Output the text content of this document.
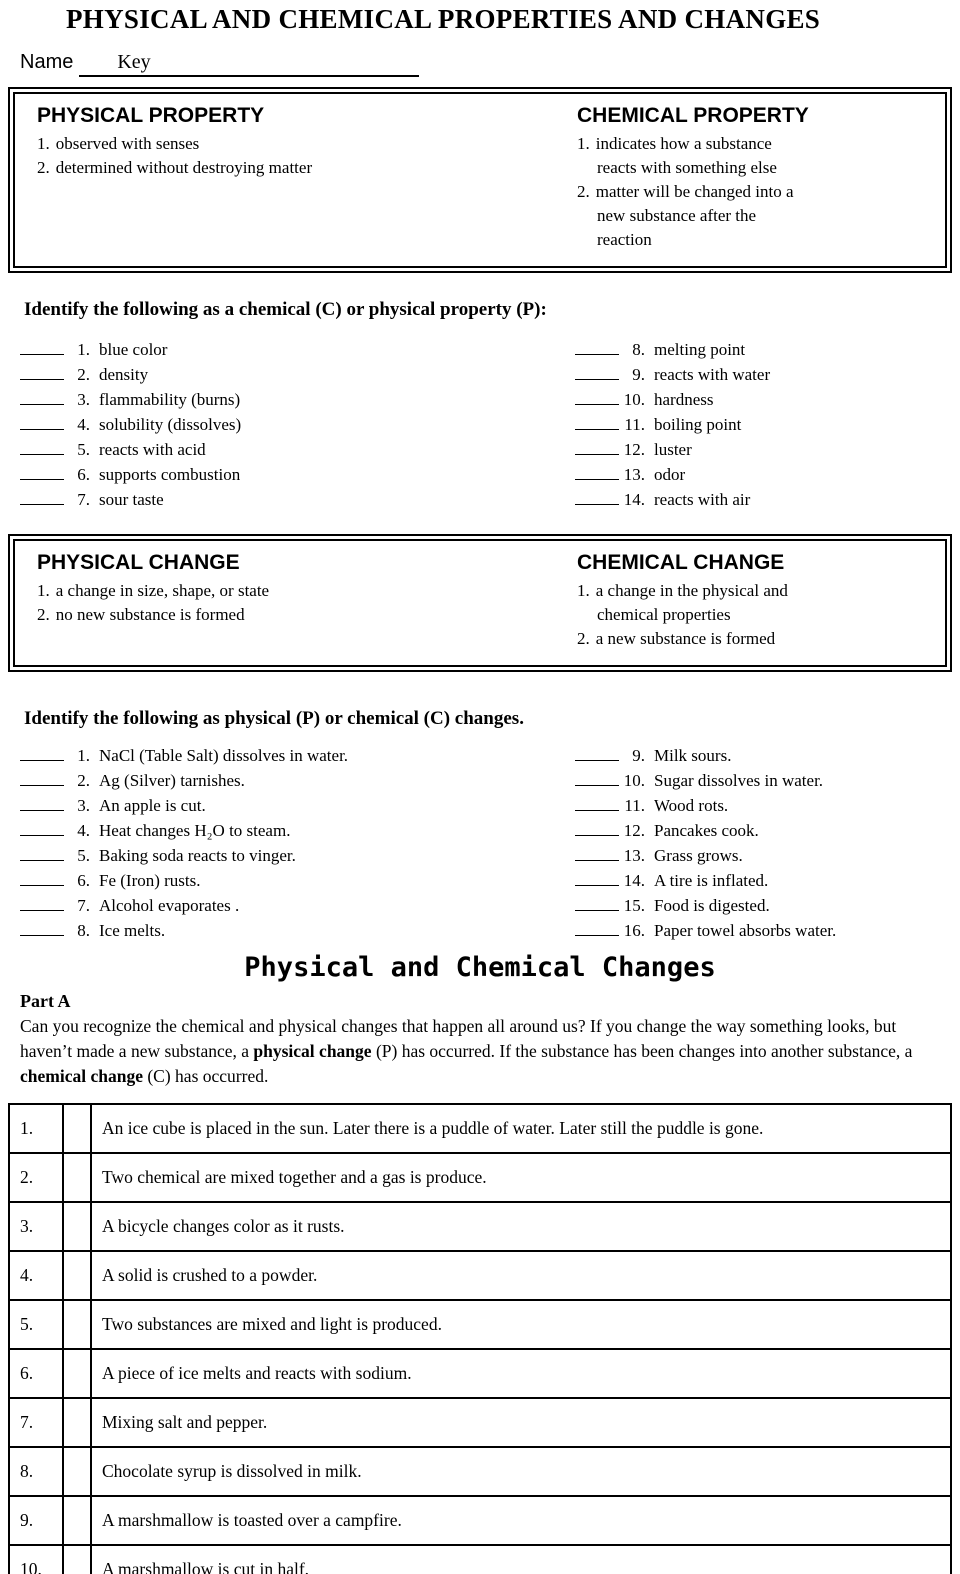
PHYSICAL AND CHEMICAL PROPERTIES AND CHANGES
Name Key
PHYSICAL PROPERTY
1. observed with senses
2. determined without destroying matter
CHEMICAL PROPERTY
1. indicates how a substance reacts with something else
2. matter will be changed into a new substance after the reaction
Identify the following as a chemical (C) or physical property (P):
1. blue color
2. density
3. flammability (burns)
4. solubility (dissolves)
5. reacts with acid
6. supports combustion
7. sour taste
8. melting point
9. reacts with water
10. hardness
11. boiling point
12. luster
13. odor
14. reacts with air
PHYSICAL CHANGE
1. a change in size, shape, or state
2. no new substance is formed
CHEMICAL CHANGE
1. a change in the physical and chemical properties
2. a new substance is formed
Identify the following as physical (P) or chemical (C) changes.
1. NaCl (Table Salt) dissolves in water.
2. Ag (Silver) tarnishes.
3. An apple is cut.
4. Heat changes H₂O to steam.
5. Baking soda reacts to vinger.
6. Fe (Iron) rusts.
7. Alcohol evaporates .
8. Ice melts.
9. Milk sours.
10. Sugar dissolves in water.
11. Wood rots.
12. Pancakes cook.
13. Grass grows.
14. A tire is inflated.
15. Food is digested.
16. Paper towel absorbs water.
Physical and Chemical Changes
Part A

Can you recognize the chemical and physical changes that happen all around us? If you change the way something looks, but haven’t made a new substance, a physical change (P) has occurred. If the substance has been changes into another substance, a chemical change (C) has occurred.

1.	An ice cube is placed in the sun. Later there is a puddle of water. Later still the puddle is gone.
2.	Two chemical are mixed together and a gas is produce.
3.	A bicycle changes color as it rusts.
4.	A solid is crushed to a powder.
5.	Two substances are mixed and light is produced.
6.	A piece of ice melts and reacts with sodium.
7.	Mixing salt and pepper.
8.	Chocolate syrup is dissolved in milk.
9.	A marshmallow is toasted over a campfire.
10.	A marshmallow is cut in half.
